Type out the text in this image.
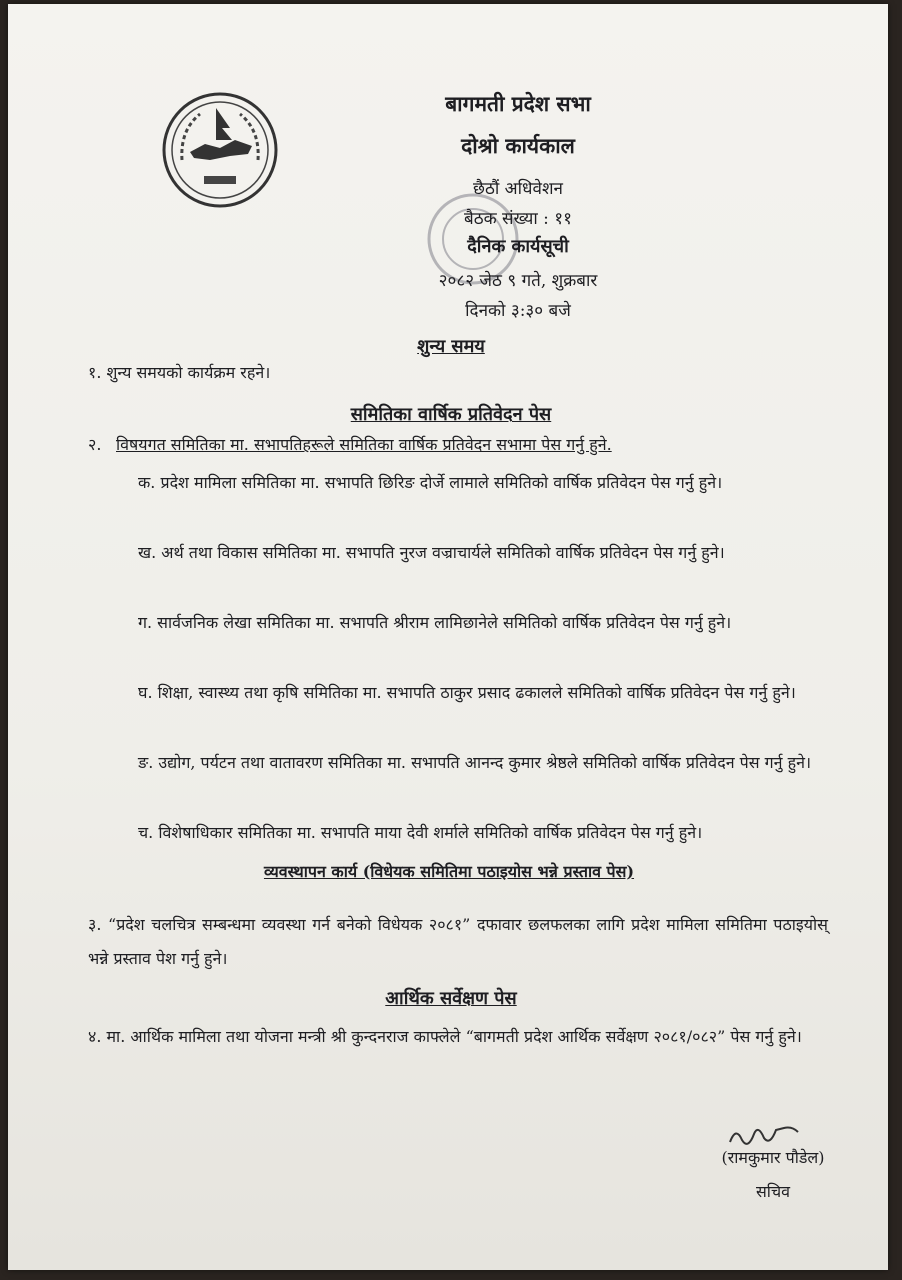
बागमती प्रदेश सभा
दोश्रो कार्यकाल
छैठौं अधिवेशन
बैठक संख्या : ११
दैनिक कार्यसूची
२०८२ जेठ ९ गते, शुक्रबार
दिनको ३:३० बजे
शुन्य समय
१. शुन्य समयको कार्यक्रम रहने।
समितिका वार्षिक प्रतिवेदन पेस
२. विषयगत समितिका मा. सभापतिहरूले समितिका वार्षिक प्रतिवेदन सभामा पेस गर्नु हुने.
क. प्रदेश मामिला समितिका मा. सभापति छिरिङ दोर्जे लामाले समितिको वार्षिक प्रतिवेदन पेस गर्नु हुने।
ख. अर्थ तथा विकास समितिका मा. सभापति नुरज वज्राचार्यले समितिको वार्षिक प्रतिवेदन पेस गर्नु हुने।
ग. सार्वजनिक लेखा समितिका मा. सभापति श्रीराम लामिछानेले समितिको वार्षिक प्रतिवेदन पेस गर्नु हुने।
घ. शिक्षा, स्वास्थ्य तथा कृषि समितिका मा. सभापति ठाकुर प्रसाद ढकालले समितिको वार्षिक प्रतिवेदन पेस गर्नु हुने।
ङ. उद्योग, पर्यटन तथा वातावरण समितिका मा. सभापति आनन्द कुमार श्रेष्ठले समितिको वार्षिक प्रतिवेदन पेस गर्नु हुने।
च. विशेषाधिकार समितिका मा. सभापति माया देवी शर्माले समितिको वार्षिक प्रतिवेदन पेस गर्नु हुने।
व्यवस्थापन कार्य (विधेयक समितिमा पठाइयोस भन्ने प्रस्ताव पेस)
३. “प्रदेश चलचित्र सम्बन्धमा व्यवस्था गर्न बनेको विधेयक २०८१” दफावार छलफलका लागि प्रदेश मामिला समितिमा पठाइयोस् भन्ने प्रस्ताव पेश गर्नु हुने।
आर्थिक सर्वेक्षण पेस
४. मा. आर्थिक मामिला तथा योजना मन्त्री श्री कुन्दनराज काफ्लेले “बागमती प्रदेश आर्थिक सर्वेक्षण २०८१/०८२” पेस गर्नु हुने।
(रामकुमार पौडेल)
सचिव
